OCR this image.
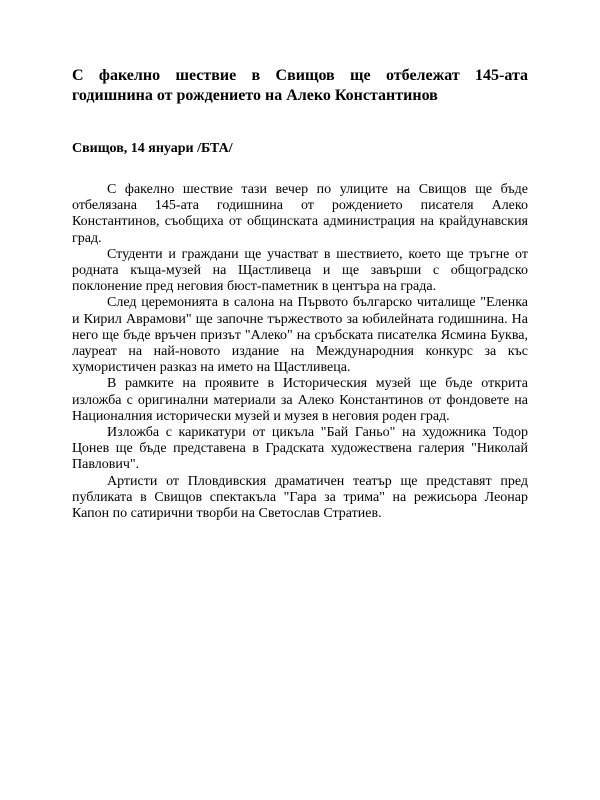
С факелно шествие в Свищов ще отбележат 145-ата годишнина от рождението на Алеко Константинов
Свищов, 14 януари /БТА/

С факелно шествие тази вечер по улиците на Свищов ще бъде отбелязана 145-ата годишнина от рождението писателя Алеко Константинов, съобщиха от общинската администрация на крайдунавския град.

Студенти и граждани ще участват в шествието, което ще тръгне от родната къща-музей на Щастливеца и ще завърши с общоградско поклонение пред неговия бюст-паметник в центъра на града.

След церемонията в салона на Първото българско читалище "Еленка и Кирил Аврамови" ще започне тържеството за юбилейната годишнина. На него ще бъде връчен призът "Алеко" на сръбската писателка Ясмина Буква, лауреат на най-новото издание на Международния конкурс за къс хумористичен разказ на името на Щастливеца.

В рамките на проявите в Историческия музей ще бъде открита изложба с оригинални материали за Алеко Константинов от фондовете на Националния исторически музей и музея в неговия роден град.

Изложба с карикатури от цикъла "Бай Ганьо" на художника Тодор Цонев ще бъде представена в Градската художествена галерия "Николай Павлович".

Артисти от Пловдивския драматичен театър ще представят пред публиката в Свищов спектакъла "Гара за трима" на режисьора Леонар Капон по сатирични творби на Светослав Стратиев.
